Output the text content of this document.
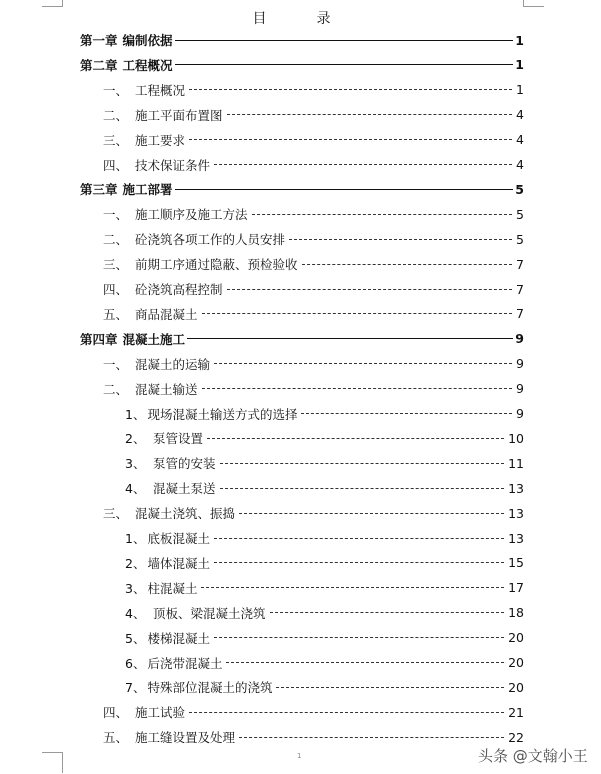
目　录
第一章 编制依据	1
第二章 工程概况	1
一、 工程概况	1
二、 施工平面布置图	4
三、 施工要求	4
四、 技术保证条件	4
第三章 施工部署	5
一、 施工顺序及施工方法	5
二、 砼浇筑各项工作的人员安排	5
三、 前期工序通过隐蔽、预检验收	7
四、 砼浇筑高程控制	7
五、 商品混凝土	7
第四章 混凝土施工	9
一、 混凝土的运输	9
二、 混凝土输送	9
1、 现场混凝土输送方式的选择	9
2、 泵管设置	10
3、 泵管的安装	11
4、 混凝土泵送	13
三、 混凝土浇筑、振捣	13
1、 底板混凝土	13
2、 墙体混凝土	15
3、 柱混凝土	17
4、 顶板、梁混凝土浇筑	18
5、 楼梯混凝土	20
6、 后浇带混凝土	20
7、 特殊部位混凝土的浇筑	20
四、 施工试验	21
五、 施工缝设置及处理	22
1	头条 @文翰小王
